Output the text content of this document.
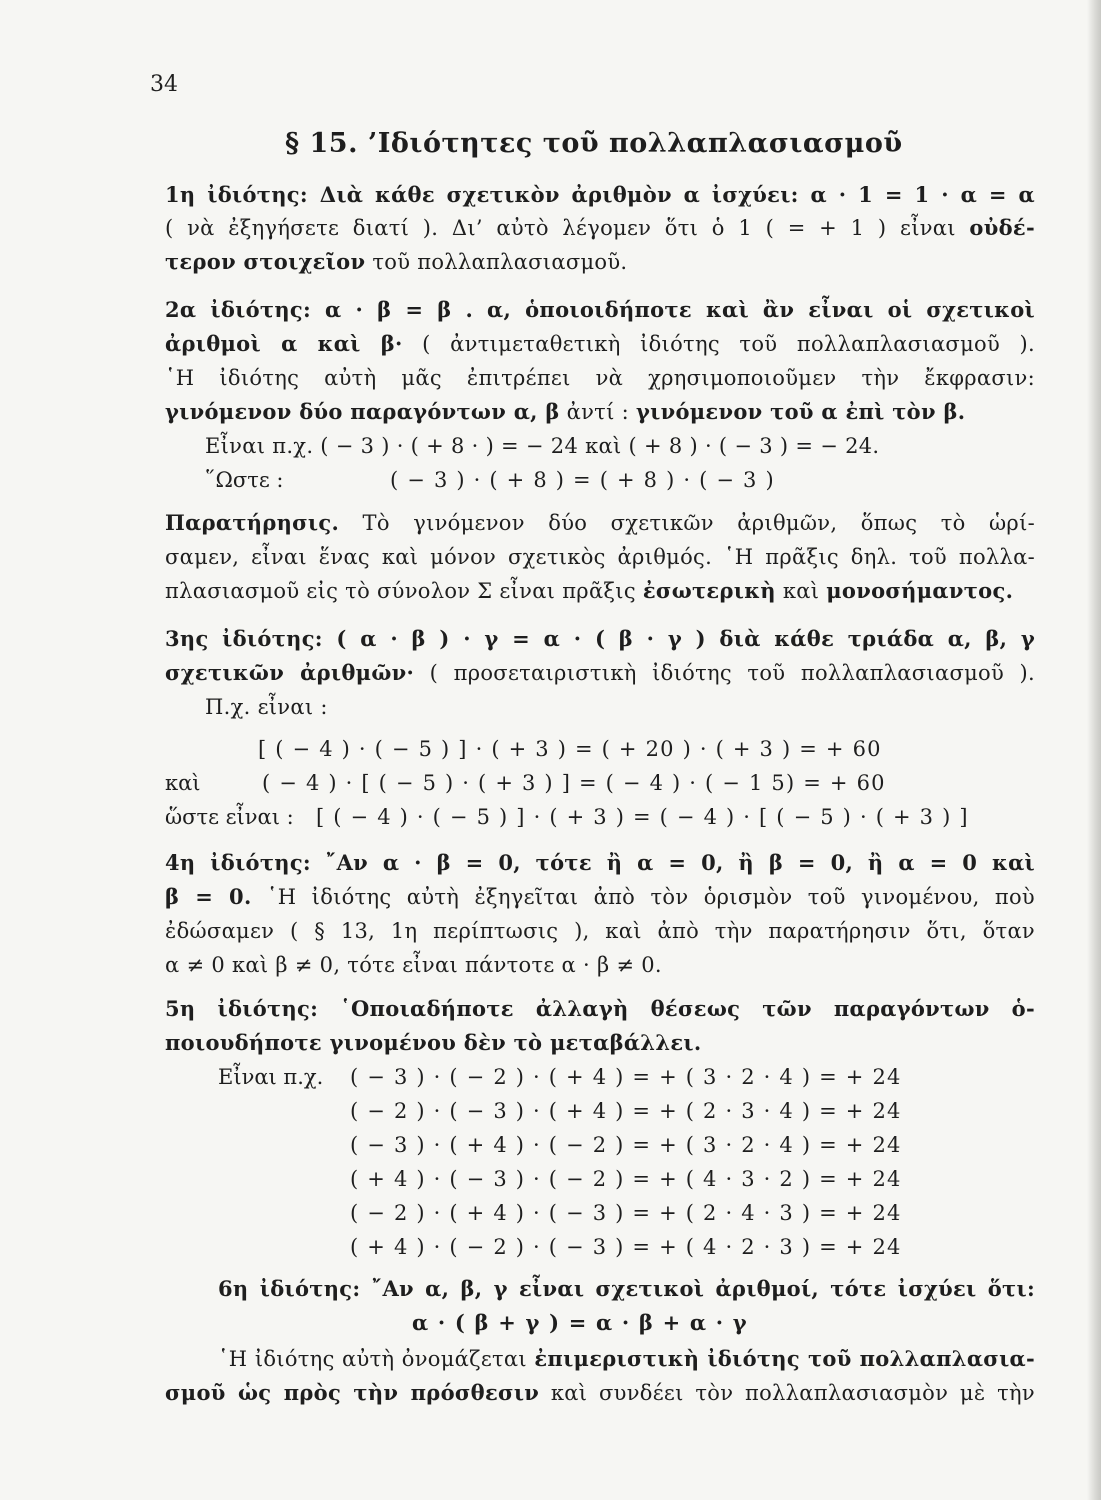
34
§ 15. ’Ιδιότητες τοῦ πολλαπλασιασμοῦ
1η ἰδιότης: Διὰ κάθε σχετικὸν ἀριθμὸν α ἰσχύει: α · 1 = 1 · α = α
( νὰ ἐξηγήσετε διατί ). Δι’ αὐτὸ λέγομεν ὅτι ὁ 1 ( = + 1 ) εἶναι οὐδέ-
τερον στοιχεῖον τοῦ πολλαπλασιασμοῦ.
2α ἰδιότης: α · β = β . α, ὁποιοιδήποτε καὶ ἂν εἶναι οἱ σχετικοὶ
ἀριθμοὶ α καὶ β· ( ἀντιμεταθετικὴ ἰδιότης τοῦ πολλαπλασιασμοῦ ).
῾Η ἰδιότης αὐτὴ μᾶς ἐπιτρέπει νὰ χρησιμοποιοῦμεν τὴν ἔκφρασιν:
γινόμενον δύο παραγόντων α, β ἀντί : γινόμενον τοῦ α ἐπὶ τὸν β.
Εἶναι π.χ. ( − 3 ) · ( + 8 · ) = − 24 καὶ ( + 8 ) · ( − 3 ) = − 24.
῞Ωστε :	( − 3 ) · ( + 8 ) = ( + 8 ) · ( − 3 )
Παρατήρησις. Τὸ γινόμενον δύο σχετικῶν ἀριθμῶν, ὅπως τὸ ὡρί-
σαμεν, εἶναι ἕνας καὶ μόνον σχετικὸς ἀριθμός. ῾Η πρᾶξις δηλ. τοῦ πολλα-
πλασιασμοῦ εἰς τὸ σύνολον Σ εἶναι πρᾶξις ἐσωτερικὴ καὶ μονοσήμαντος.
3ης ἰδιότης: ( α · β ) · γ = α · ( β · γ ) διὰ κάθε τριάδα α, β, γ
σχετικῶν ἀριθμῶν· ( προσεταιριστικὴ ἰδιότης τοῦ πολλαπλασιασμοῦ ).
Π.χ. εἶναι :
[ ( − 4 ) · ( − 5 ) ] · ( + 3 ) = ( + 20 ) · ( + 3 ) = + 60
καὶ	( − 4 ) · [ ( − 5 ) · ( + 3 ) ] = ( − 4 ) · ( − 1 5) = + 60
ὥστε εἶναι : [ ( − 4 ) · ( − 5 ) ] · ( + 3 ) = ( − 4 ) · [ ( − 5 ) · ( + 3 ) ]
4η ἰδιότης: ῎Αν α · β = 0, τότε ἢ α = 0, ἢ β = 0, ἢ α = 0 καὶ
β = 0. ῾Η ἰδιότης αὐτὴ ἐξηγεῖται ἀπὸ τὸν ὁρισμὸν τοῦ γινομένου, ποὺ
ἐδώσαμεν ( § 13, 1η περίπτωσις ), καὶ ἀπὸ τὴν παρατήρησιν ὅτι, ὅταν
α ≠ 0 καὶ β ≠ 0, τότε εἶναι πάντοτε α · β ≠ 0.
5η ἰδιότης: ῾Οποιαδήποτε ἀλλαγὴ θέσεως τῶν παραγόντων ὁ-
ποιουδήποτε γινομένου δὲν τὸ μεταβάλλει.
Εἶναι π.χ. ( − 3 ) · ( − 2 ) · ( + 4 ) = + ( 3 · 2 · 4 ) = + 24
( − 2 ) · ( − 3 ) · ( + 4 ) = + ( 2 · 3 · 4 ) = + 24
( − 3 ) · ( + 4 ) · ( − 2 ) = + ( 3 · 2 · 4 ) = + 24
( + 4 ) · ( − 3 ) · ( − 2 ) = + ( 4 · 3 · 2 ) = + 24
( − 2 ) · ( + 4 ) · ( − 3 ) = + ( 2 · 4 · 3 ) = + 24
( + 4 ) · ( − 2 ) · ( − 3 ) = + ( 4 · 2 · 3 ) = + 24
6η ἰδιότης: ῎Αν α, β, γ εἶναι σχετικοὶ ἀριθμοί, τότε ἰσχύει ὅτι:
α · ( β + γ ) = α · β + α · γ
῾Η ἰδιότης αὐτὴ ὀνομάζεται ἐπιμεριστικὴ ἰδιότης τοῦ πολλαπλασια-
σμοῦ ὡς πρὸς τὴν πρόσθεσιν καὶ συνδέει τὸν πολλαπλασιασμὸν μὲ τὴν
